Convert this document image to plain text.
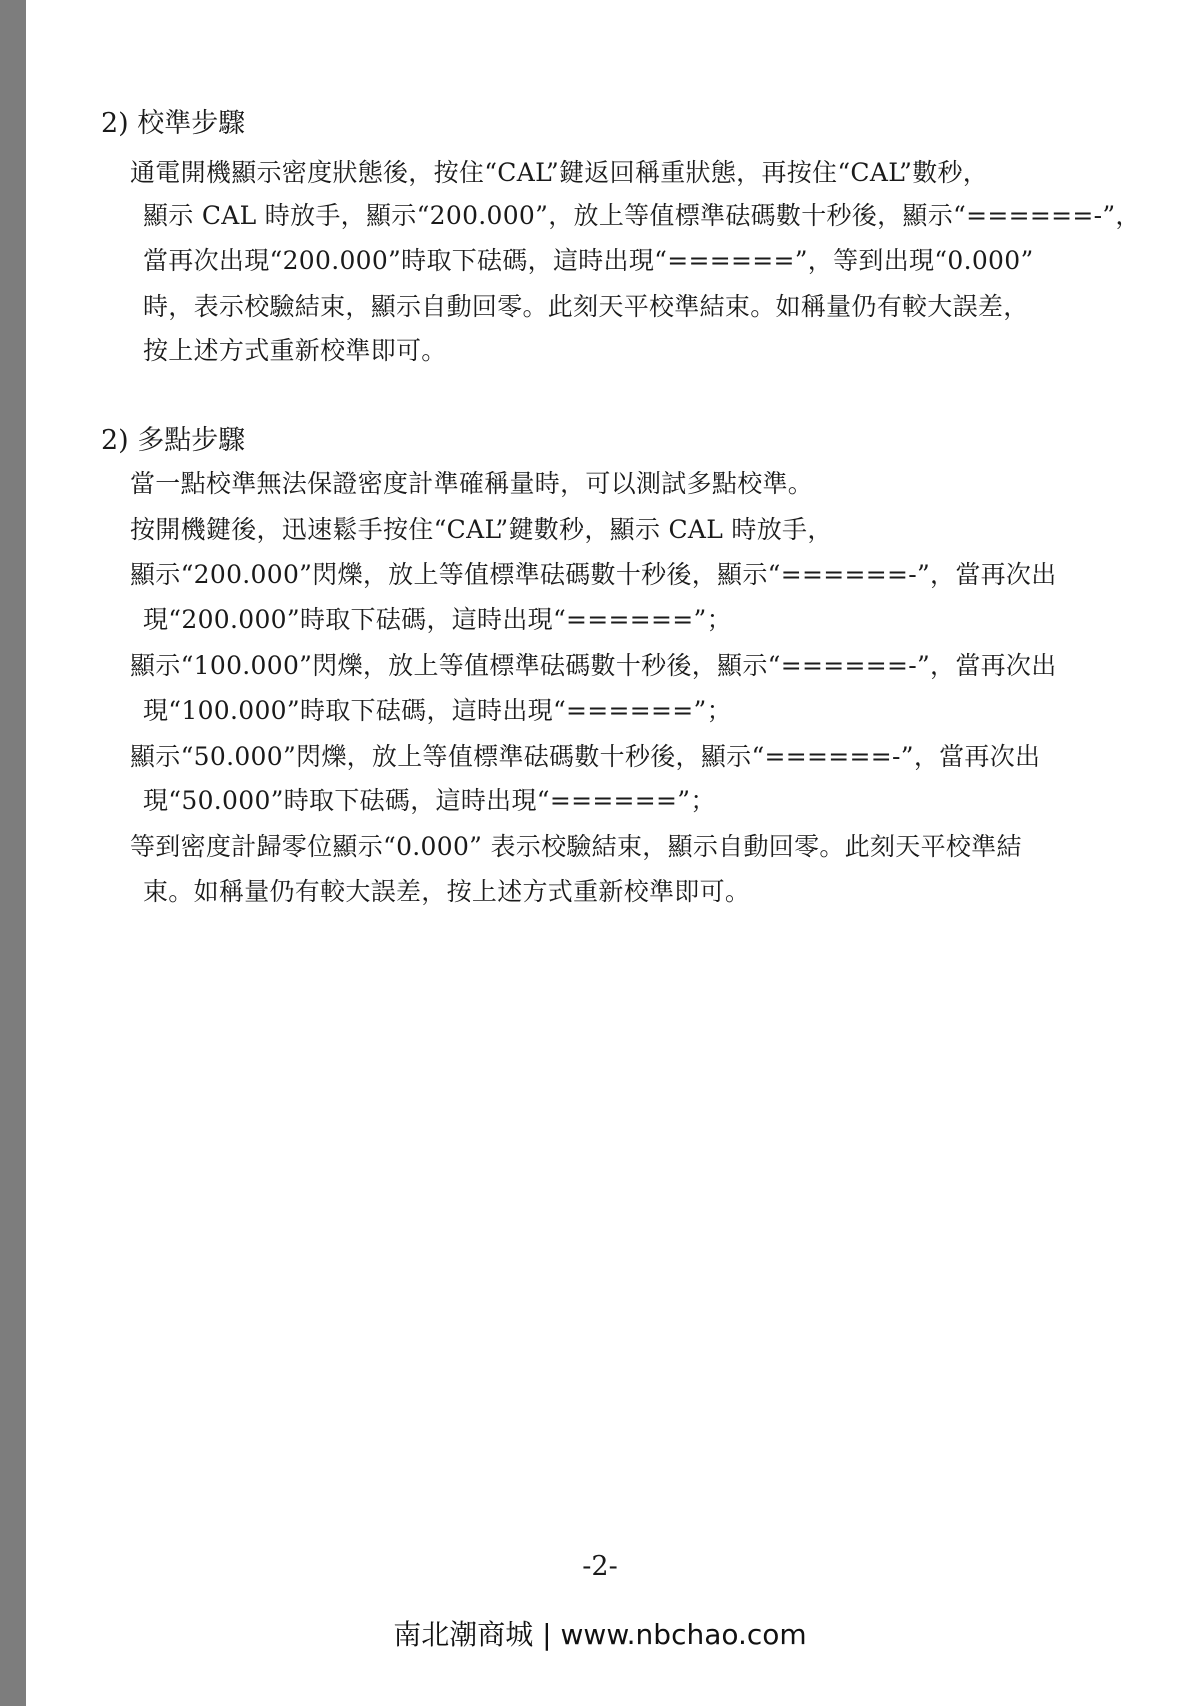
2) 校準步驟
通電開機顯示密度狀態後，按住“CAL”鍵返回稱重狀態，再按住“CAL”數秒，
顯示 CAL 時放手，顯示“200.000”，放上等值標準砝碼數十秒後，顯示“======-”，
當再次出現“200.000”時取下砝碼，這時出現“======”，等到出現“0.000”
時，表示校驗結束，顯示自動回零。此刻天平校準結束。如稱量仍有較大誤差，
按上述方式重新校準即可。
2) 多點步驟
當一點校準無法保證密度計準確稱量時，可以測試多點校準。
按開機鍵後，迅速鬆手按住“CAL”鍵數秒，顯示 CAL 時放手，
顯示“200.000”閃爍，放上等值標準砝碼數十秒後，顯示“======-”，當再次出
現“200.000”時取下砝碼，這時出現“======”；
顯示“100.000”閃爍，放上等值標準砝碼數十秒後，顯示“======-”，當再次出
現“100.000”時取下砝碼，這時出現“======”；
顯示“50.000”閃爍，放上等值標準砝碼數十秒後，顯示“======-”，當再次出
現“50.000”時取下砝碼，這時出現“======”；
等到密度計歸零位顯示“0.000” 表示校驗結束，顯示自動回零。此刻天平校準結
束。如稱量仍有較大誤差，按上述方式重新校準即可。
-2-
南北潮商城 | www.nbchao.com
